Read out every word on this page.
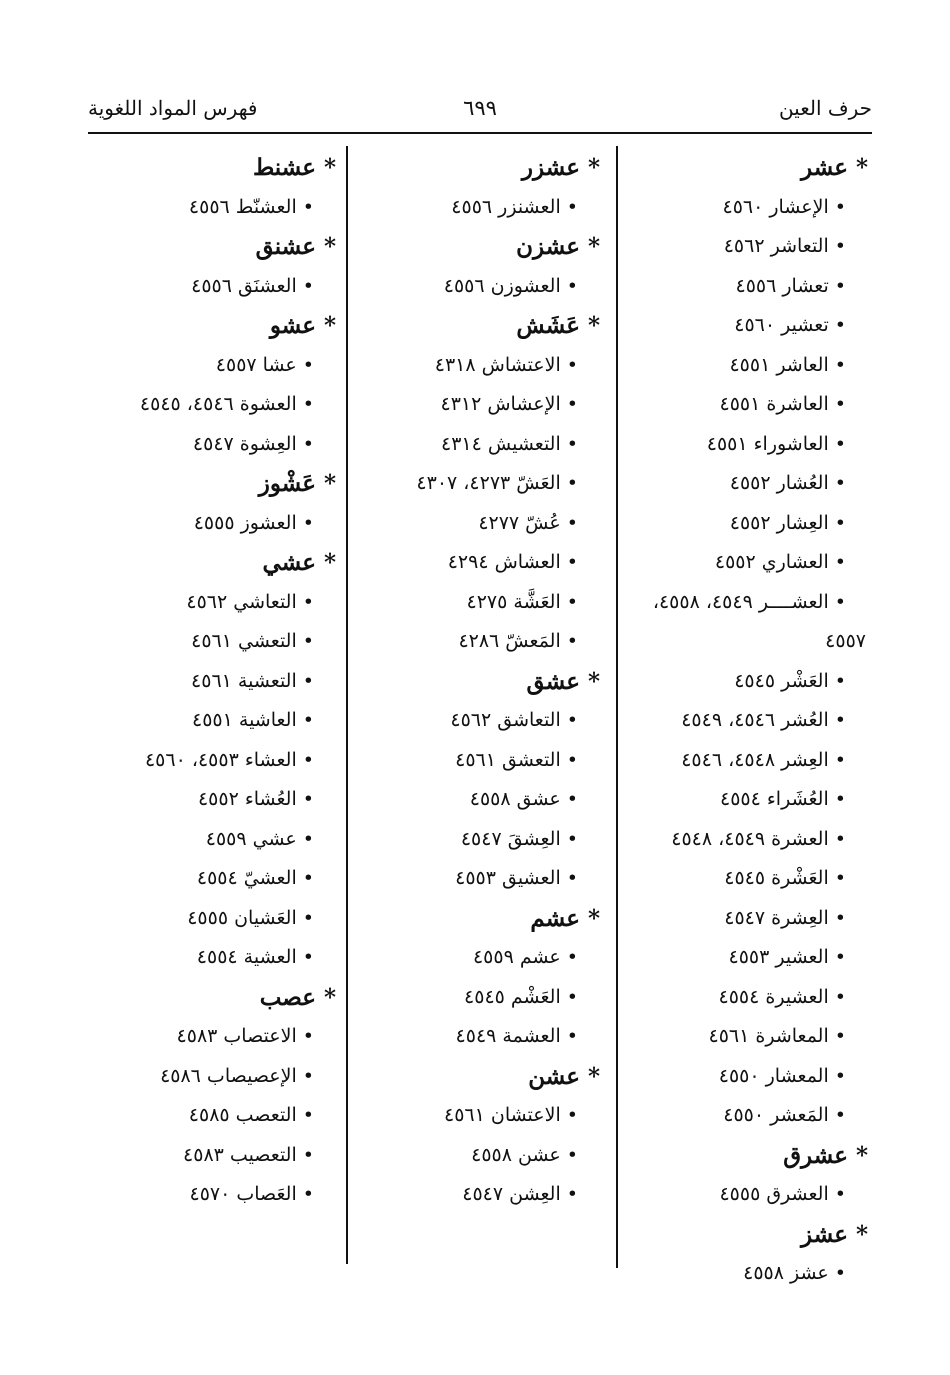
حرف العين
٦٩٩
فهرس المواد اللغوية
* عشر
• الإعشار ٤٥٦٠
• التعاشر ٤٥٦٢
• تعشار ٤٥٥٦
• تعشير ٤٥٦٠
• العاشر ٤٥٥١
• العاشرة ٤٥٥١
• العاشوراء ٤٥٥١
• العُشار ٤٥٥٢
• العِشار ٤٥٥٢
• العشاري ٤٥٥٢
• العشــــر ٤٥٤٩، ٤٥٥٨،
٤٥٥٧
• العَشْر ٤٥٤٥
• العُشر ٤٥٤٦، ٤٥٤٩
• العِشر ٤٥٤٨، ٤٥٤٦
• العُشَراء ٤٥٥٤
• العشرة ٤٥٤٩، ٤٥٤٨
• العَشْرة ٤٥٤٥
• العِشرة ٤٥٤٧
• العشير ٤٥٥٣
• العشيرة ٤٥٥٤
• المعاشرة ٤٥٦١
• المعشار ٤٥٥٠
• المَعشر ٤٥٥٠
* عشرق
• العشرق ٤٥٥٥
* عشز
• عشز ٤٥٥٨
* عشزر
• العشنزر ٤٥٥٦
* عشزن
• العشوزن ٤٥٥٦
* عَشَش
• الاعتشاش ٤٣١٨
• الإعشاش ٤٣١٢
• التعشيش ٤٣١٤
• العَشّ ٤٢٧٣، ٤٣٠٧
• عُشّ ٤٢٧٧
• العشاش ٤٢٩٤
• العَشَّة ٤٢٧٥
• المَعشّ ٤٢٨٦
* عشق
• التعاشق ٤٥٦٢
• التعشق ٤٥٦١
• عشق ٤٥٥٨
• العِشقَ ٤٥٤٧
• العشيق ٤٥٥٣
* عشم
• عشم ٤٥٥٩
• العَشْم ٤٥٤٥
• العشمة ٤٥٤٩
* عشن
• الاعتشان ٤٥٦١
• عشن ٤٥٥٨
• العِشن ٤٥٤٧
* عشنط
• العشنّط ٤٥٥٦
* عشنق
• العشنَق ٤٥٥٦
* عشو
• عشا ٤٥٥٧
• العشوة ٤٥٤٦، ٤٥٤٥
• العِشوة ٤٥٤٧
* عَشْوز
• العشوز ٤٥٥٥
* عشي
• التعاشي ٤٥٦٢
• التعشي ٤٥٦١
• التعشية ٤٥٦١
• العاشية ٤٥٥١
• العشاء ٤٥٥٣، ٤٥٦٠
• العُشاء ٤٥٥٢
• عشي ٤٥٥٩
• العشيّ ٤٥٥٤
• العَشيان ٤٥٥٥
• العشية ٤٥٥٤
* عصب
• الاعتصاب ٤٥٨٣
• الإعصيصاب ٤٥٨٦
• التعصب ٤٥٨٥
• التعصيب ٤٥٨٣
• العَصاب ٤٥٧٠
